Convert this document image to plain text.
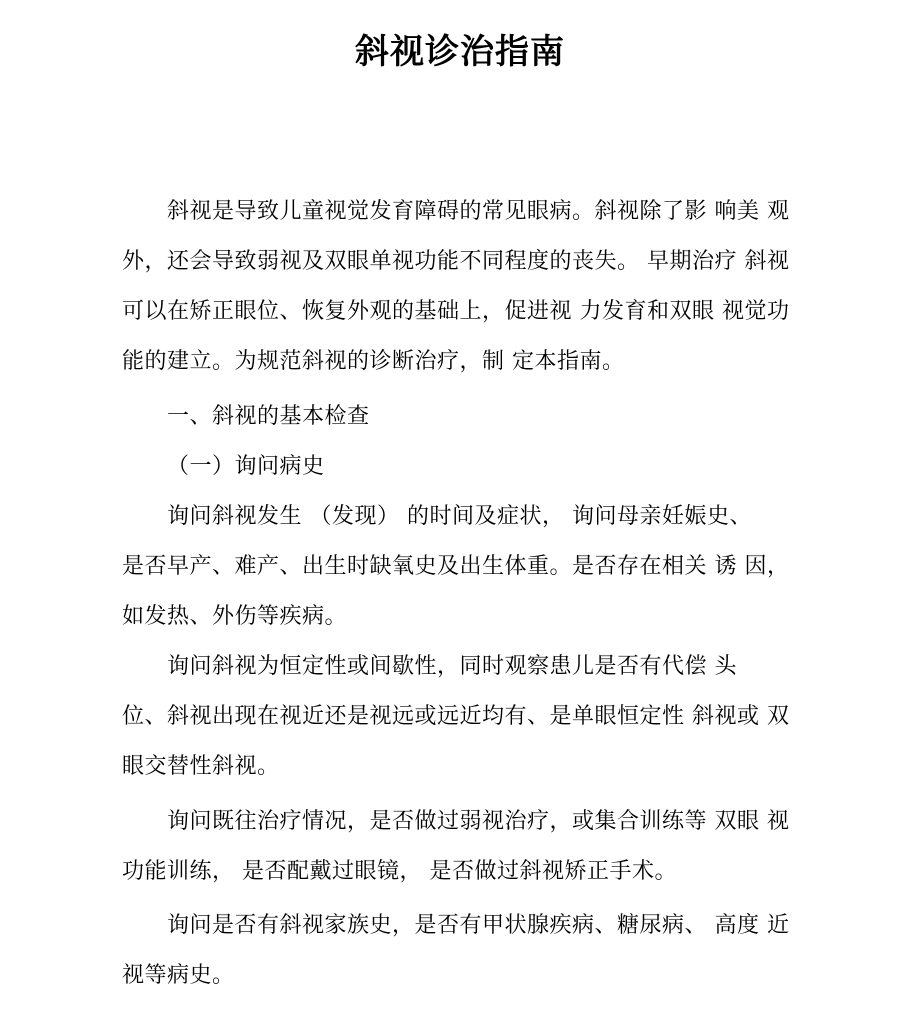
斜视诊治指南
斜视是导致儿童视觉发育障碍的常见眼病。斜视除了影 响美 观
外，还会导致弱视及双眼单视功能不同程度的丧失。 早期治疗 斜视
可以在矫正眼位、恢复外观的基础上，促进视 力发育和双眼 视觉功
能的建立。为规范斜视的诊断治疗，制 定本指南。
一、斜视的基本检查
（一）询问病史
询问斜视发生 （发现） 的时间及症状， 询问母亲妊娠史、
是否早产、难产、出生时缺氧史及出生体重。是否存在相关 诱 因，
如发热、外伤等疾病。
询问斜视为恒定性或间歇性，同时观察患儿是否有代偿 头
位、斜视出现在视近还是视远或远近均有、是单眼恒定性 斜视或 双
眼交替性斜视。
询问既往治疗情况，是否做过弱视治疗，或集合训练等 双眼 视
功能训练， 是否配戴过眼镜， 是否做过斜视矫正手术。
询问是否有斜视家族史，是否有甲状腺疾病、糖尿病、 高度 近
视等病史。
